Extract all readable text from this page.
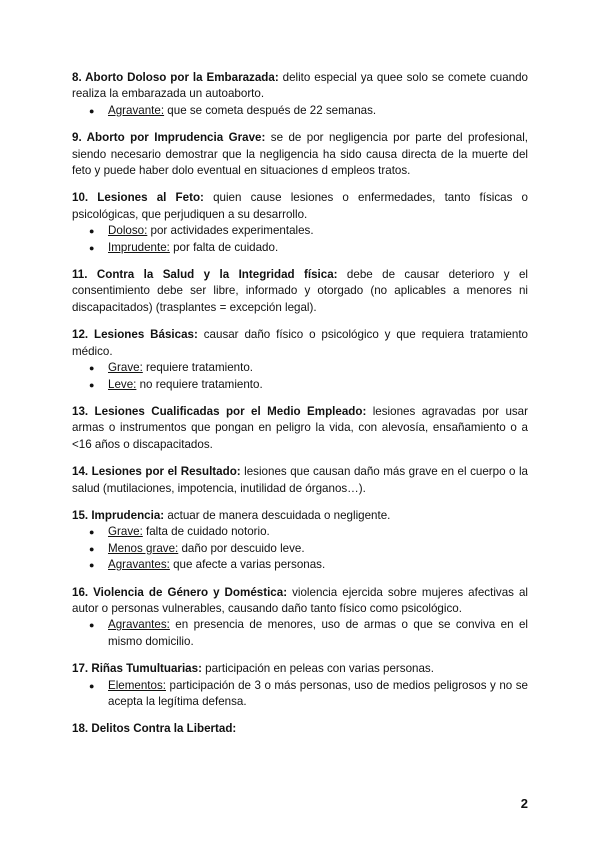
8. Aborto Doloso por la Embarazada: delito especial ya quee solo se comete cuando realiza la embarazada un autoaborto.

● Agravante: que se cometa después de 22 semanas.

9. Aborto por Imprudencia Grave: se de por negligencia por parte del profesional, siendo necesario demostrar que la negligencia ha sido causa directa de la muerte del feto y puede haber dolo eventual en situaciones d empleos tratos.

10. Lesiones al Feto: quien cause lesiones o enfermedades, tanto físicas o psicológicas, que perjudiquen a su desarrollo.

● Doloso: por actividades experimentales.
● Imprudente: por falta de cuidado.

11. Contra la Salud y la Integridad física: debe de causar deterioro y el consentimiento debe ser libre, informado y otorgado (no aplicables a menores ni discapacitados) (trasplantes = excepción legal).

12. Lesiones Básicas: causar daño físico o psicológico y que requiera tratamiento médico.

● Grave: requiere tratamiento.
● Leve: no requiere tratamiento.

13. Lesiones Cualificadas por el Medio Empleado: lesiones agravadas por usar armas o instrumentos que pongan en peligro la vida, con alevosía, ensañamiento o a <16 años o discapacitados.

14. Lesiones por el Resultado: lesiones que causan daño más grave en el cuerpo o la salud (mutilaciones, impotencia, inutilidad de órganos…).

15. Imprudencia: actuar de manera descuidada o negligente.

● Grave: falta de cuidado notorio.
● Menos grave: daño por descuido leve.
● Agravantes: que afecte a varias personas.

16. Violencia de Género y Doméstica: violencia ejercida sobre mujeres afectivas al autor o personas vulnerables, causando daño tanto físico como psicológico.

● Agravantes: en presencia de menores, uso de armas o que se conviva en el mismo domicilio.

17. Riñas Tumultuarias: participación en peleas con varias personas.

● Elementos: participación de 3 o más personas, uso de medios peligrosos y no se acepta la legítima defensa.

18. Delitos Contra la Libertad:

2
